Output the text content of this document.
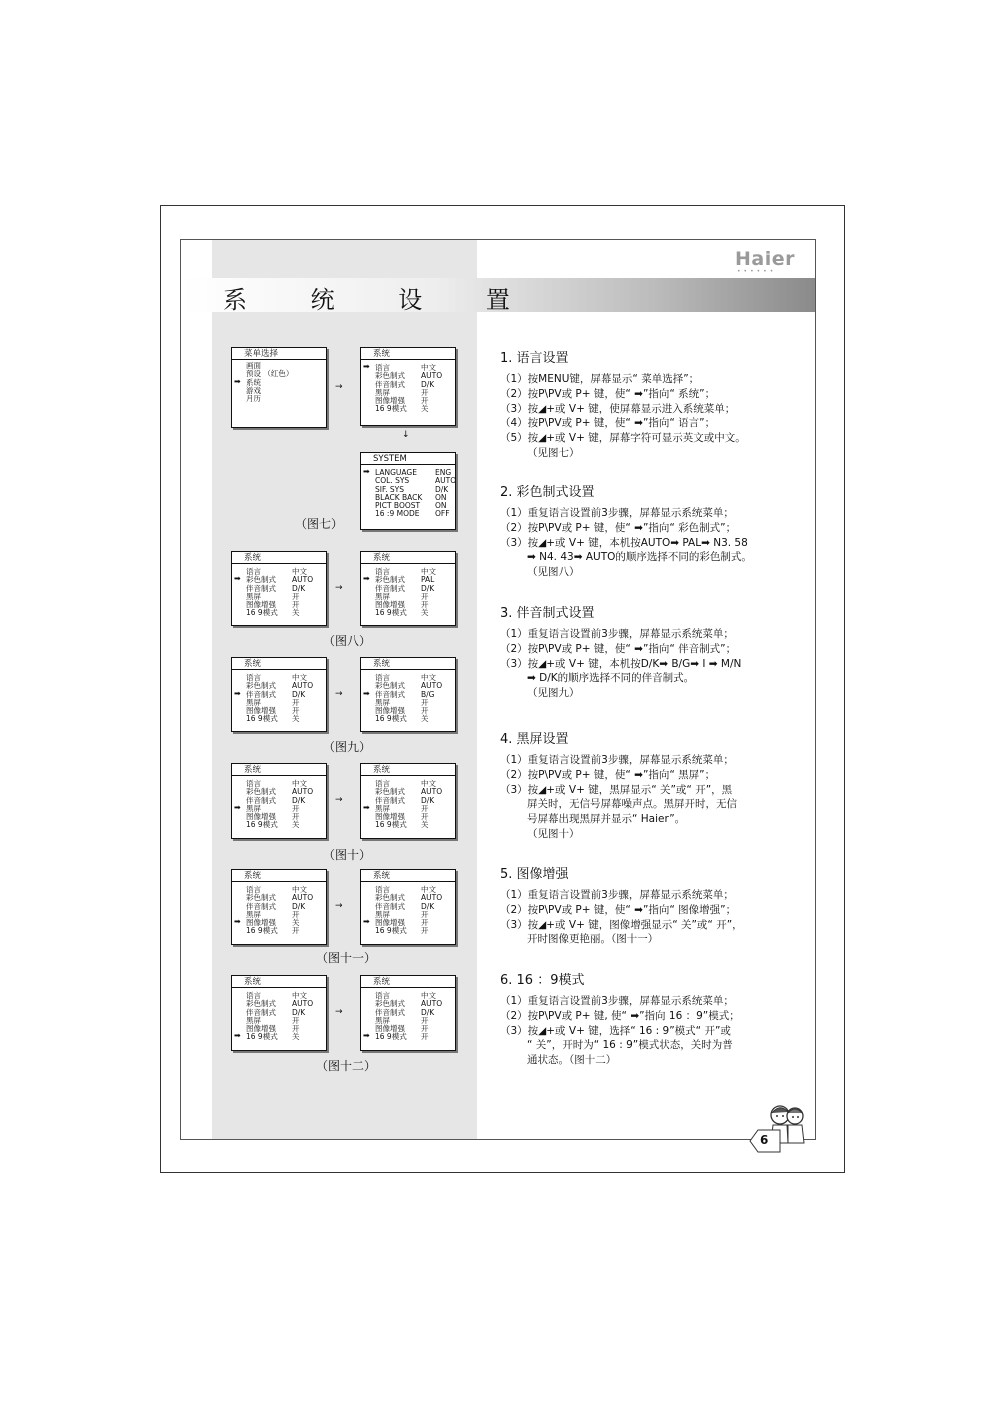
系 统 设 置
Haier
••••••
菜单选择
画面
预设 （红色）
➡ 系统
游戏
月历
系统
➡ 语言	中文
彩色制式 AUTO
伴音制式 D/K
黑屏	开
图像增强 开
16 9模式 关
SYSTEM
➡ LANGUAGE ENG
COL. SYS	AUTO
SIF. SYS	D/K
BLACK BACK ON
PICT BOOST ON
16 :9 MODE OFF
→
↓
（图七）
系统
语言	中文
➡ 彩色制式 AUTO
伴音制式 D/K
黑屏	开
图像增强 开
16 9模式 关
系统
语言	中文
➡ 彩色制式 PAL
伴音制式 D/K
黑屏	开
图像增强 开
16 9模式 关
→
（图八）
系统
语言	中文
彩色制式 AUTO
➡ 伴音制式 D/K
黑屏	开
图像增强 开
16 9模式 关
系统
语言	中文
彩色制式 AUTO
➡ 伴音制式 B/G
黑屏	开
图像增强 开
16 9模式 关
→
（图九）
系统
语言	中文
彩色制式 AUTO
伴音制式 D/K
➡ 黑屏	开
图像增强 开
16 9模式 关
系统
语言	中文
彩色制式 AUTO
伴音制式 D/K
➡ 黑屏	开
图像增强 开
16 9模式 关
→
（图十）
系统
语言	中文
彩色制式 AUTO
伴音制式 D/K
黑屏	开
➡ 图像增强 关
16 9模式 开
系统
语言	中文
彩色制式 AUTO
伴音制式 D/K
黑屏	开
➡ 图像增强 开
16 9模式 开
→
（图十一）
系统
语言	中文
彩色制式 AUTO
伴音制式 D/K
黑屏	开
图像增强 开
➡ 16 9模式 关
系统
语言	中文
彩色制式 AUTO
伴音制式 D/K
黑屏	开
图像增强 开
➡ 16 9模式 开
→
（图十二）
1. 语言设置

（1）按MENU键，屏幕显示“ 菜单选择”；

（2）按P\PV或 P+ 键，使“ ➡”指向“ 系统”；

（3）按◢+或 V+ 键，使屏幕显示进入系统菜单；

（4）按P\PV或 P+ 键，使“ ➡”指向“ 语言”；

（5）按◢+或 V+ 键，屏幕字符可显示英文或中文。

（见图七）

2. 彩色制式设置

（1）重复语言设置前3步骤，屏幕显示系统菜单；

（2）按P\PV或 P+ 键，使“ ➡”指向“ 彩色制式”；

（3）按◢+或 V+ 键，本机按AUTO➡ PAL➡ N3. 58

➡ N4. 43➡ AUTO的顺序选择不同的彩色制式。

（见图八）

3. 伴音制式设置

（1）重复语言设置前3步骤，屏幕显示系统菜单；

（2）按P\PV或 P+ 键，使“ ➡”指向“ 伴音制式”；

（3）按◢+或 V+ 键，本机按D/K➡ B/G➡ I ➡ M/N

➡ D/K的顺序选择不同的伴音制式。

（见图九）

4. 黑屏设置

（1）重复语言设置前3步骤，屏幕显示系统菜单；

（2）按P\PV或 P+ 键，使“ ➡”指向“ 黑屏”；

（3）按◢+或 V+ 键，黑屏显示“ 关”或“ 开”，黑

屏关时，无信号屏幕噪声点。黑屏开时，无信

号屏幕出现黑屏并显示“ Haier”。

（见图十）

5. 图像增强

（1）重复语言设置前3步骤，屏幕显示系统菜单；

（2）按P\PV或 P+ 键，使“ ➡”指向“ 图像增强”；

（3）按◢+或 V+ 键，图像增强显示“ 关”或“ 开”，

开时图像更艳丽。（图十一）

6. 16 ：9模式

（1）重复语言设置前3步骤，屏幕显示系统菜单；

（2）按P\PV或 P+ 键, 使“ ➡”指向 16 ：9”模式；

（3）按◢+或 V+ 键，选择“ 16 : 9”模式“ 开”或

“ 关”，开时为“ 16 : 9”模式状态，关时为普

通状态。（图十二）

6
